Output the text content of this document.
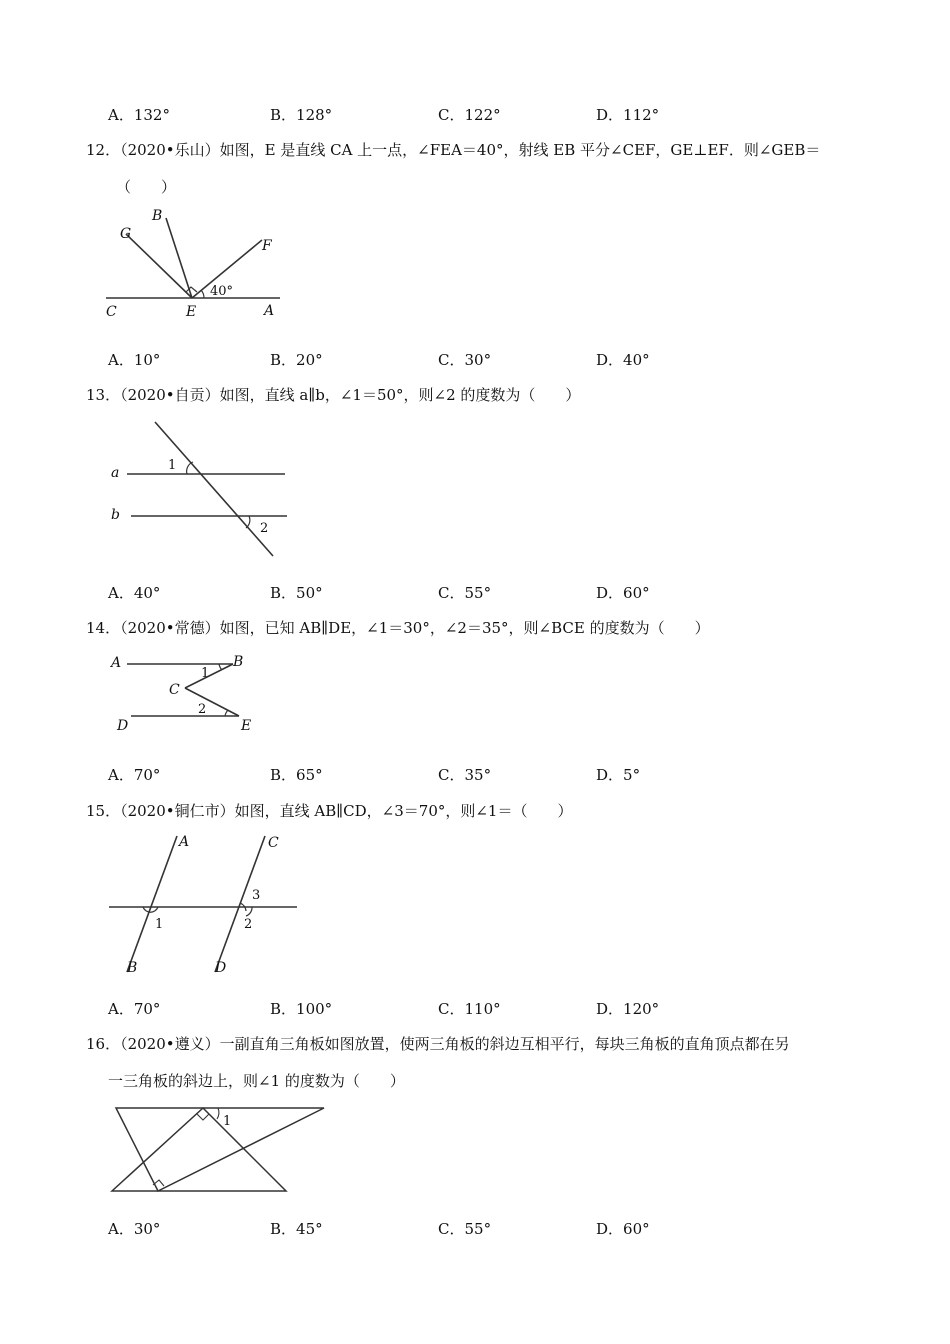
A．132°	B．128°	C．122°	D．112°
12．（2020•乐山）如图，E 是直线 CA 上一点，∠FEA＝40°，射线 EB 平分∠CEF，GE⊥EF．则∠GEB＝
（　　）
G
B
F
C	E	A
40°
A．10°	B．20°	C．30°	D．40°
13．（2020•自贡）如图，直线 a∥b，∠1＝50°，则∠2 的度数为（　　）
a
b
1
2
A．40°	B．50°	C．55°	D．60°
14．（2020•常德）如图，已知 AB∥DE，∠1＝30°，∠2＝35°，则∠BCE 的度数为（　　）
A	B
C
D	E
1
2
A．70°	B．65°	C．35°	D．5°
15．（2020•铜仁市）如图，直线 AB∥CD，∠3＝70°，则∠1＝（　　）
A
B
C
D
1	2
3
A．70°	B．100°	C．110°	D．120°
16．（2020•遵义）一副直角三角板如图放置，使两三角板的斜边互相平行，每块三角板的直角顶点都在另
一三角板的斜边上，则∠1 的度数为（　　）
1
A．30°	B．45°	C．55°	D．60°
